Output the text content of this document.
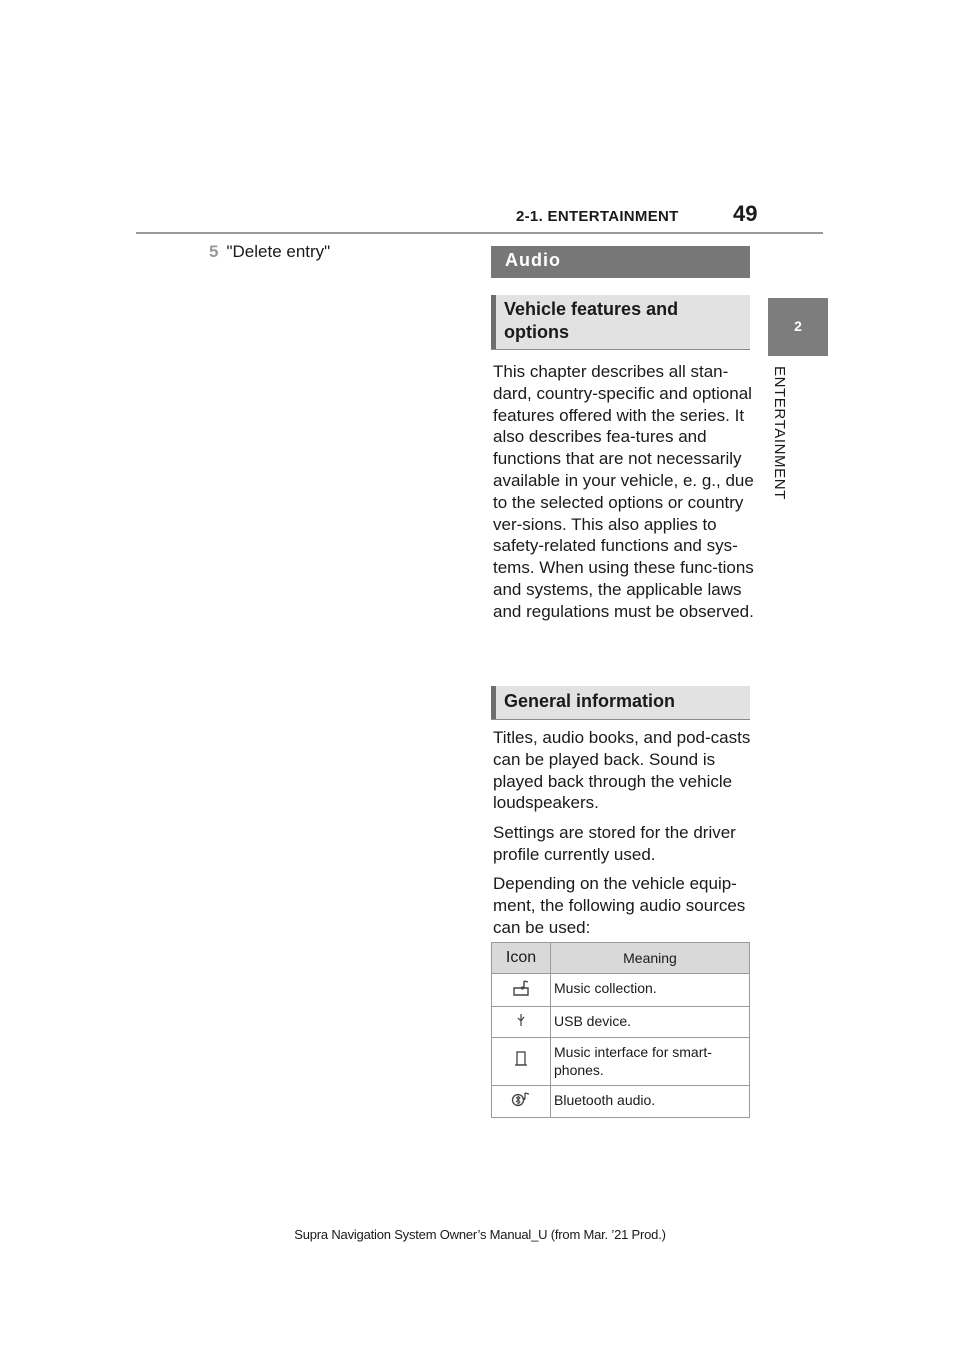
2-1. ENTERTAINMENT 49
2
ENTERTAINMENT
5 "Delete entry"	Audio
Vehicle features and options
This chapter describes all stan-dard, country-specific and optional features offered with the series. It also describes fea-tures and functions that are not necessarily available in your vehicle, e. g., due to the selected options or country ver-sions. This also applies to safety-related functions and sys-tems. When using these func-tions and systems, the applicable laws and regulations must be observed.
General information
Titles, audio books, and pod-casts can be played back. Sound is played back through the vehicle loudspeakers.
Settings are stored for the driver profile currently used.
Depending on the vehicle equip-ment, the following audio sources can be used:
Icon	Meaning
	Music collection.
	USB device.
	Music interface for smart-phones.
	Bluetooth audio.
Supra Navigation System Owner’s Manual_U (from Mar. ’21 Prod.)
